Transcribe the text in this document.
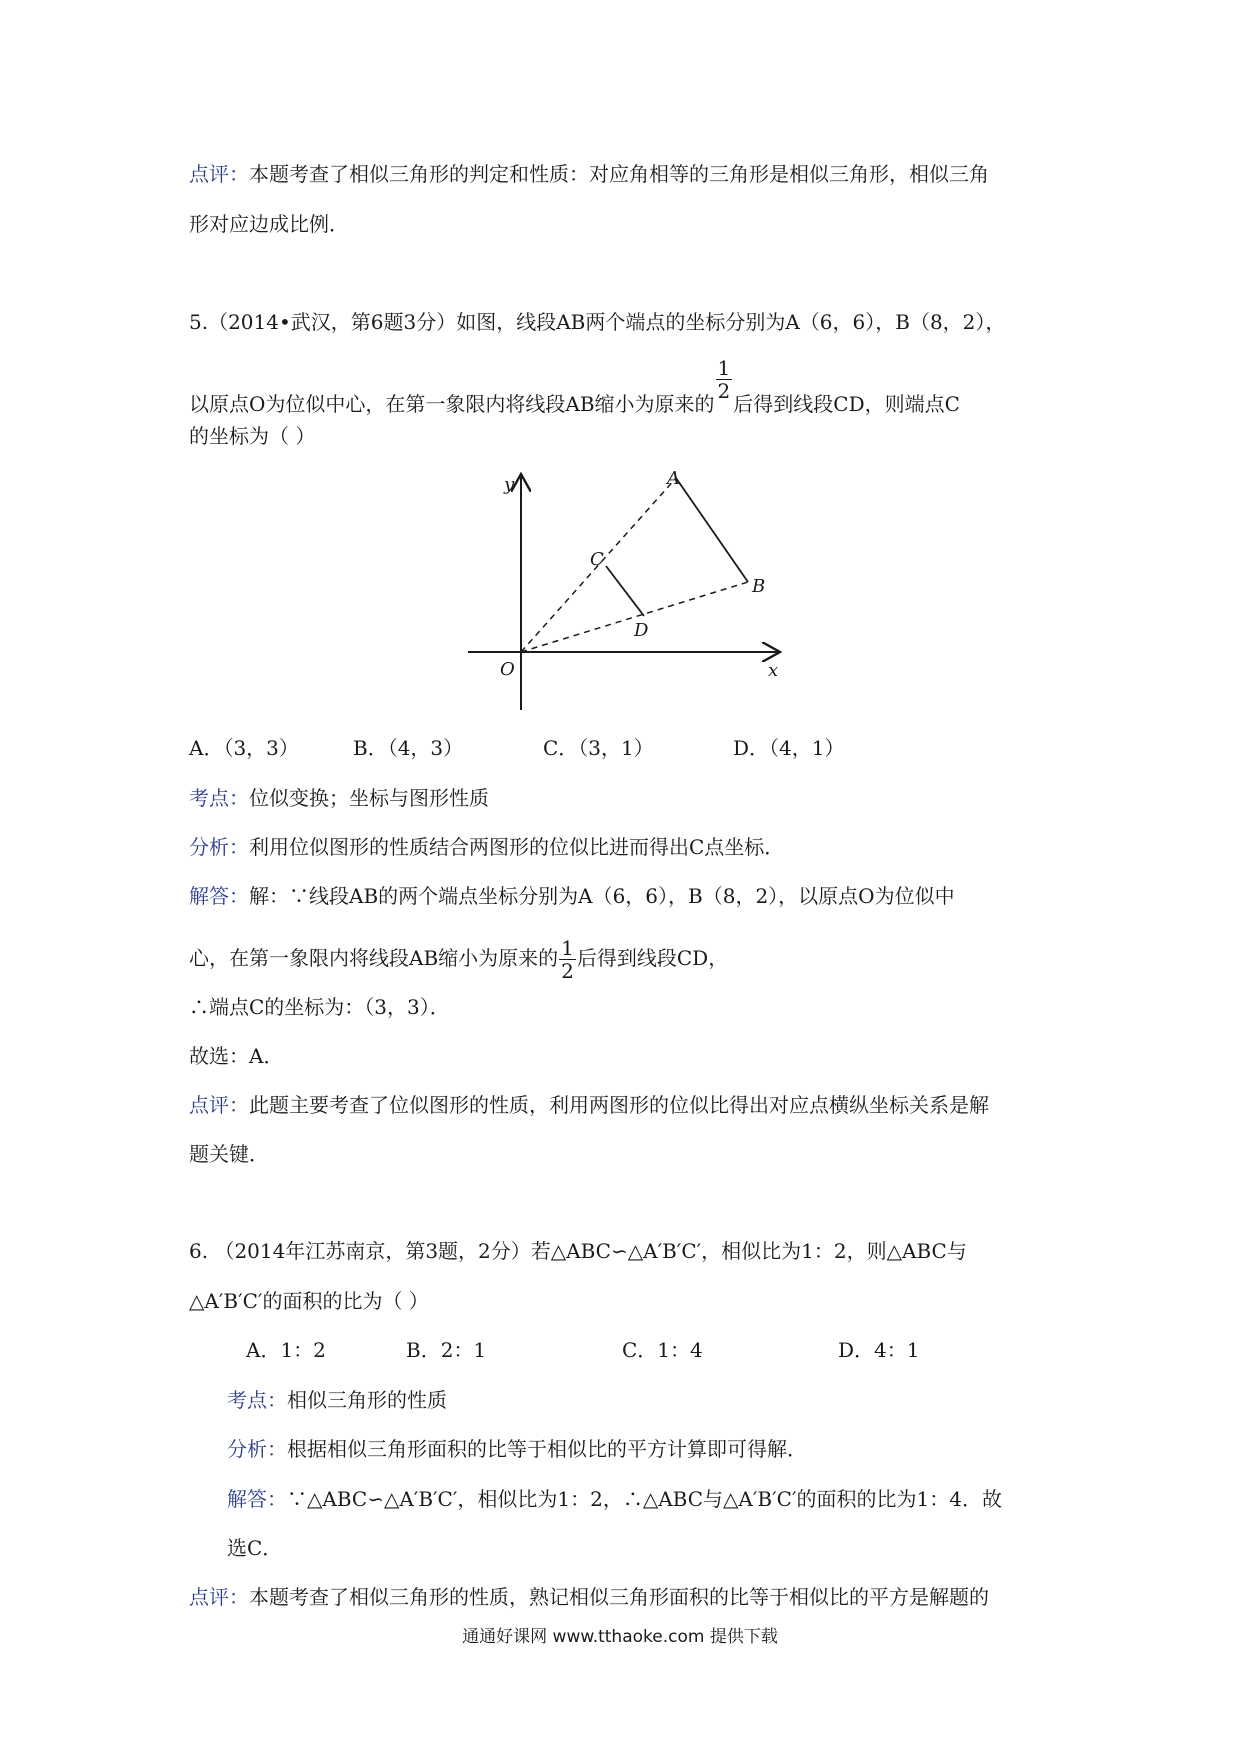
点评：本题考查了相似三角形的判定和性质：对应角相等的三角形是相似三角形，相似三角
形对应边成比例．
5.（2014•武汉，第6题3分）如图，线段AB两个端点的坐标分别为A（6，6），B（8，2），
以原点O为位似中心，在第一象限内将线段AB缩小为原来的
$\frac{1}{2}$
后得到线段CD，则端点C
的坐标为（ ）
y
x
O
A
B
C
D
A．（3，3）	B．（4，3）	C．（3，1）	D．（4，1）
考点：位似变换；坐标与图形性质
分析：利用位似图形的性质结合两图形的位似比进而得出C点坐标．
解答：解：∵线段AB的两个端点坐标分别为A（6，6），B（8，2），以原点O为位似中
心，在第一象限内将线段AB缩小为原来的 $\frac{1}{2}$ 后得到线段CD，
∴端点C的坐标为：（3，3）．
故选：A．
点评：此题主要考查了位似图形的性质，利用两图形的位似比得出对应点横纵坐标关系是解
题关键．
6. （2014年江苏南京，第3题，2分）若△ABC∽△A′B′C′，相似比为1：2，则△ABC与
△A′B′C′的面积的比为（ ）
A．1：2	B．2：1	C．1：4	D．4：1
考点：相似三角形的性质
分析：根据相似三角形面积的比等于相似比的平方计算即可得解．
解答：∵△ABC∽△A′B′C′，相似比为1：2，∴△ABC与△A′B′C′的面积的比为1：4．故
选C．
点评：本题考查了相似三角形的性质，熟记相似三角形面积的比等于相似比的平方是解题的
通通好课网 www.tthaoke.com 提供下载
